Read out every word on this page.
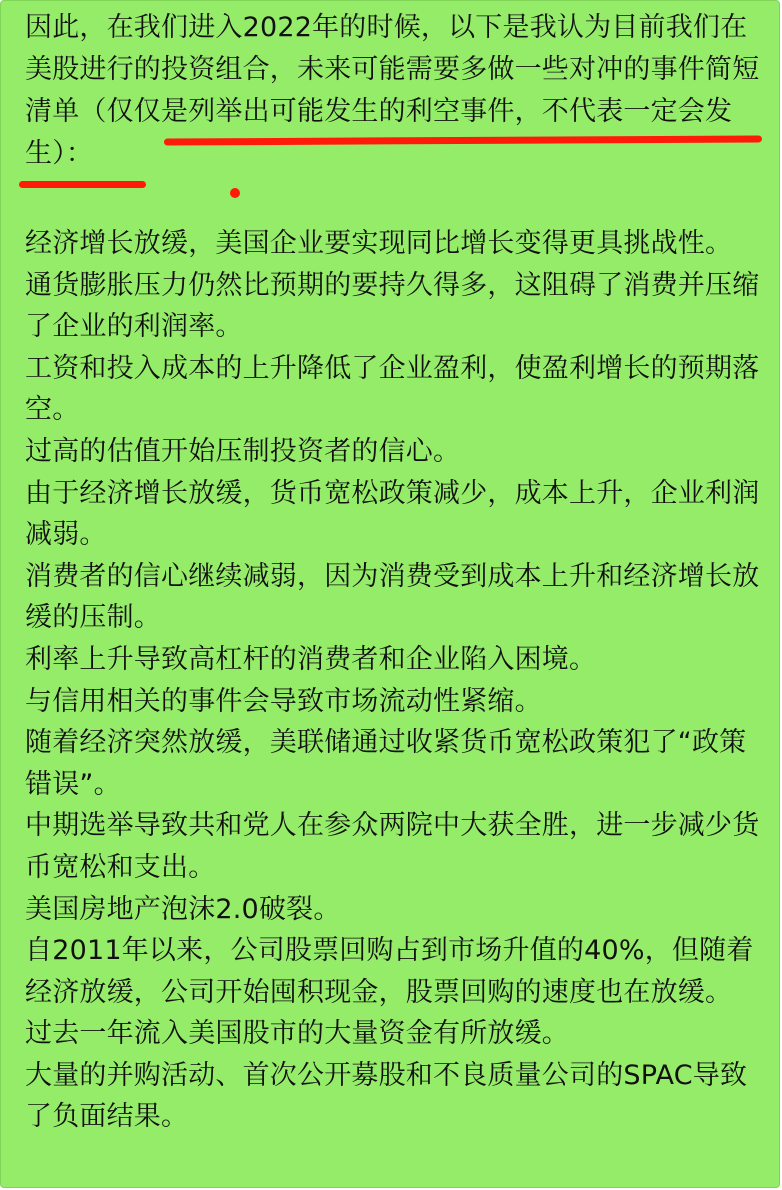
因此，在我们进入2022年的时候，以下是我认为目前我们在美股进行的投资组合，未来可能需要多做一些对冲的事件简短清单（仅仅是列举出可能发生的利空事件，不代表一定会发生）：

经济增长放缓，美国企业要实现同比增长变得更具挑战性。
通货膨胀压力仍然比预期的要持久得多，这阻碍了消费并压缩了企业的利润率。
工资和投入成本的上升降低了企业盈利，使盈利增长的预期落空。
过高的估值开始压制投资者的信心。
由于经济增长放缓，货币宽松政策减少，成本上升，企业利润减弱。
消费者的信心继续减弱，因为消费受到成本上升和经济增长放缓的压制。
利率上升导致高杠杆的消费者和企业陷入困境。
与信用相关的事件会导致市场流动性紧缩。
随着经济突然放缓，美联储通过收紧货币宽松政策犯了“政策错误”。
中期选举导致共和党人在参众两院中大获全胜，进一步减少货币宽松和支出。
美国房地产泡沫2.0破裂。
自2011年以来，公司股票回购占到市场升值的40%，但随着经济放缓，公司开始囤积现金，股票回购的速度也在放缓。
过去一年流入美国股市的大量资金有所放缓。
大量的并购活动、首次公开募股和不良质量公司的SPAC导致了负面结果。
